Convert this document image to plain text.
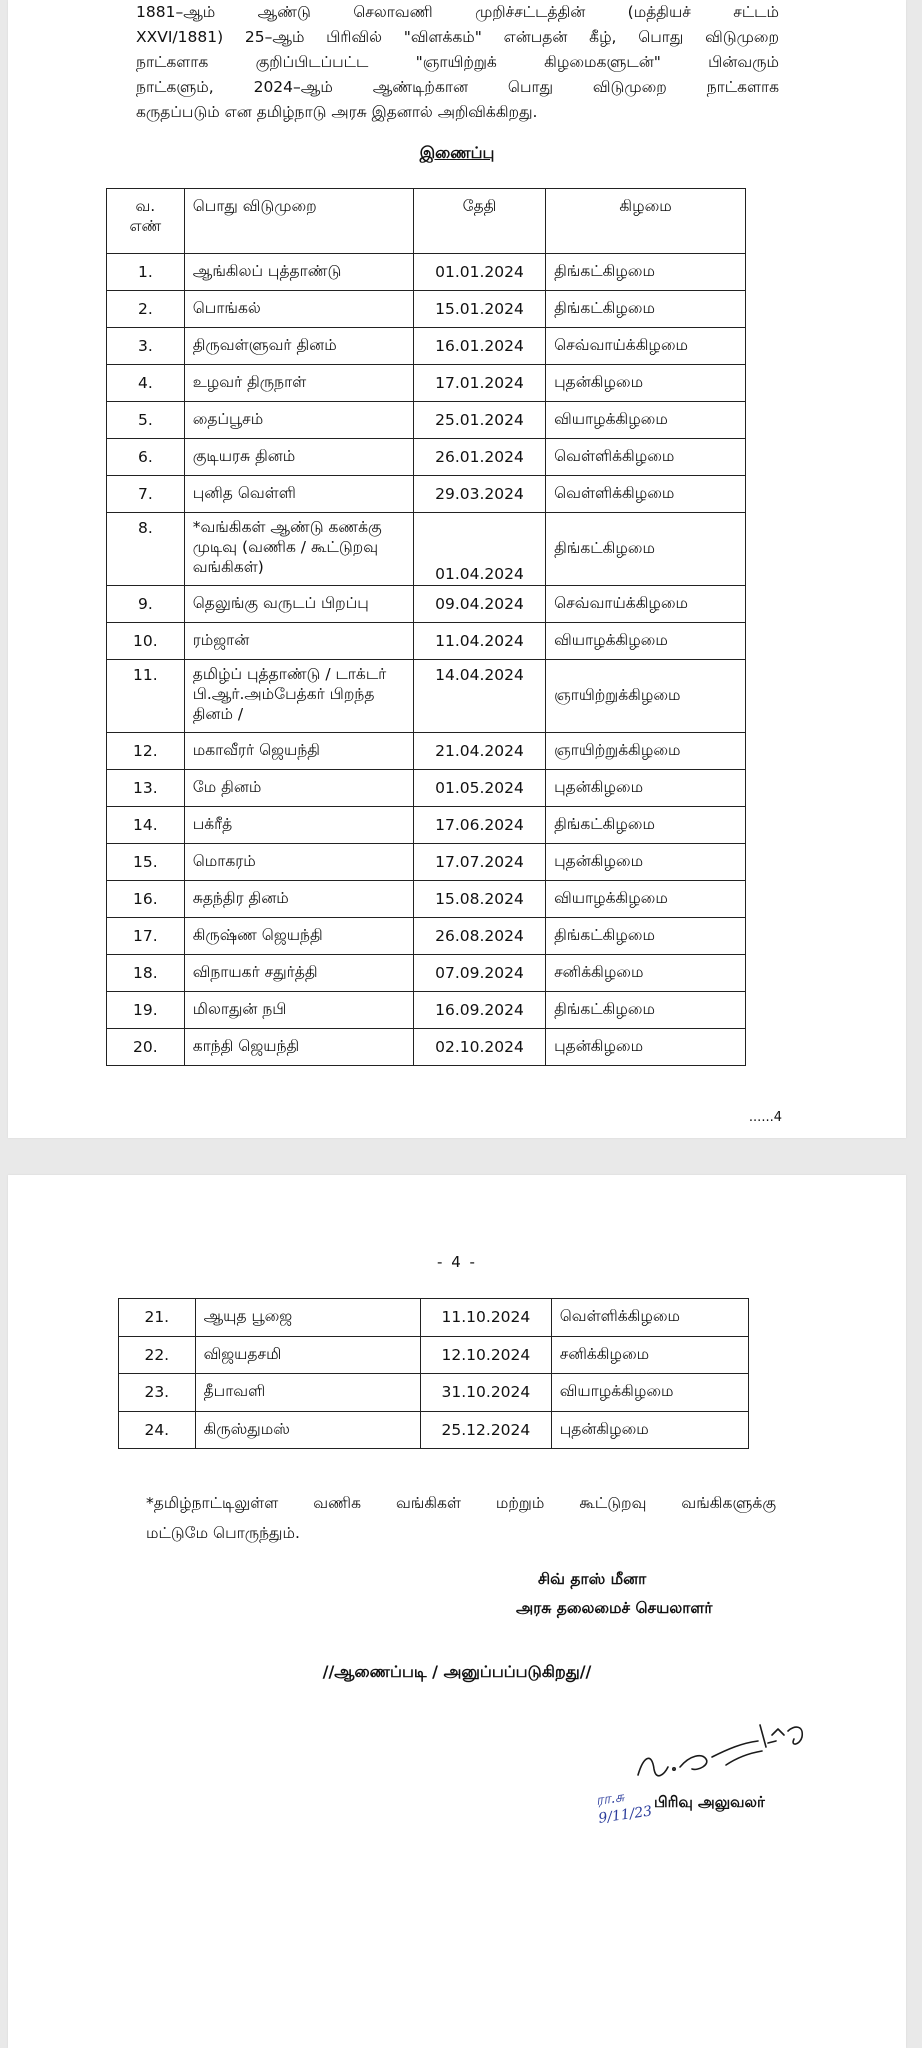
1881–ஆம் ஆண்டு செலாவணி முறிச்சட்டத்தின் (மத்தியச் சட்டம்
XXVI/1881) 25–ஆம் பிரிவில் "விளக்கம்" என்பதன் கீழ், பொது விடுமுறை
நாட்களாக குறிப்பிடப்பட்ட "ஞாயிற்றுக் கிழமைகளுடன்" பின்வரும்
நாட்களும், 2024–ஆம் ஆண்டிற்கான பொது விடுமுறை நாட்களாக
கருதப்படும் என தமிழ்நாடு அரசு இதனால் அறிவிக்கிறது.
இணைப்பு
வ.
எண்	பொது விடுமுறை	தேதி	கிழமை
1.	ஆங்கிலப் புத்தாண்டு	01.01.2024	திங்கட்கிழமை
2.	பொங்கல்	15.01.2024	திங்கட்கிழமை
3.	திருவள்ளுவர் தினம்	16.01.2024	செவ்வாய்க்கிழமை
4.	உழவர் திருநாள்	17.01.2024	புதன்கிழமை
5.	தைப்பூசம்	25.01.2024	வியாழக்கிழமை
6.	குடியரசு தினம்	26.01.2024	வெள்ளிக்கிழமை
7.	புனித வெள்ளி	29.03.2024	வெள்ளிக்கிழமை
8.	*வங்கிகள் ஆண்டு கணக்கு முடிவு (வணிக / கூட்டுறவு வங்கிகள்)	01.04.2024	திங்கட்கிழமை
9.	தெலுங்கு வருடப் பிறப்பு	09.04.2024	செவ்வாய்க்கிழமை
10.	ரம்ஜான்	11.04.2024	வியாழக்கிழமை
11.	தமிழ்ப் புத்தாண்டு / டாக்டர் பி.ஆர்.அம்பேத்கர் பிறந்த தினம் /	14.04.2024	ஞாயிற்றுக்கிழமை
12.	மகாவீரர் ஜெயந்தி	21.04.2024	ஞாயிற்றுக்கிழமை
13.	மே தினம்	01.05.2024	புதன்கிழமை
14.	பக்ரீத்	17.06.2024	திங்கட்கிழமை
15.	மொகரம்	17.07.2024	புதன்கிழமை
16.	சுதந்திர தினம்	15.08.2024	வியாழக்கிழமை
17.	கிருஷ்ண ஜெயந்தி	26.08.2024	திங்கட்கிழமை
18.	விநாயகர் சதுர்த்தி	07.09.2024	சனிக்கிழமை
19.	மிலாதுன் நபி	16.09.2024	திங்கட்கிழமை
20.	காந்தி ஜெயந்தி	02.10.2024	புதன்கிழமை
......4
- 4 -
21.	ஆயுத பூஜை	11.10.2024	வெள்ளிக்கிழமை
22.	விஜயதசமி	12.10.2024	சனிக்கிழமை
23.	தீபாவளி	31.10.2024	வியாழக்கிழமை
24.	கிருஸ்துமஸ்	25.12.2024	புதன்கிழமை
*தமிழ்நாட்டிலுள்ள வணிக வங்கிகள் மற்றும் கூட்டுறவு வங்கிகளுக்கு
மட்டுமே பொருந்தும்.
சிவ் தாஸ் மீனா
அரசு தலைமைச் செயலாளர்
//ஆணைப்படி / அனுப்பப்படுகிறது//
பிரிவு அலுவலர்
ரா.சு
9/11/23
